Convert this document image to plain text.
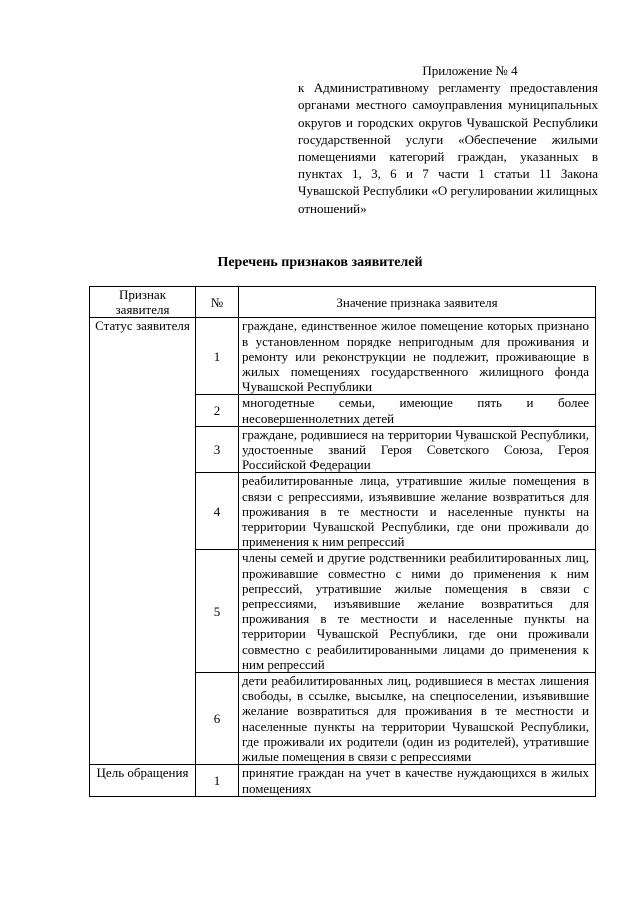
Приложение № 4
к Административному регламенту предоставления органами местного самоуправления муниципальных округов и городских округов Чувашской Республики государственной услуги «Обеспечение жилыми помещениями категорий граждан, указанных в пунктах 1, 3, 6 и 7 части 1 статьи 11 Закона Чувашской Республики «О регулировании жилищных отношений»
Перечень признаков заявителей
Признак заявителя	№	Значение признака заявителя
Статус заявителя	1	граждане, единственное жилое помещение которых признано в установленном порядке непригодным для проживания и ремонту или реконструкции не подлежит, проживающие в жилых помещениях государственного жилищного фонда Чувашской Республики
	2	многодетные семьи, имеющие пять и более несовершеннолетних детей
	3	граждане, родившиеся на территории Чувашской Республики, удостоенные званий Героя Советского Союза, Героя Российской Федерации
	4	реабилитированные лица, утратившие жилые помещения в связи с репрессиями, изъявившие желание возвратиться для проживания в те местности и населенные пункты на территории Чувашской Республики, где они проживали до применения к ним репрессий
	5	члены семей и другие родственники реабилитированных лиц, проживавшие совместно с ними до применения к ним репрессий, утратившие жилые помещения в связи с репрессиями, изъявившие желание возвратиться для проживания в те местности и населенные пункты на территории Чувашской Республики, где они проживали совместно с реабилитированными лицами до применения к ним репрессий
	6	дети реабилитированных лиц, родившиеся в местах лишения свободы, в ссылке, высылке, на спецпоселении, изъявившие желание возвратиться для проживания в те местности и населенные пункты на территории Чувашской Республики, где проживали их родители (один из родителей), утратившие жилые помещения в связи с репрессиями
Цель обращения	1	принятие граждан на учет в качестве нуждающихся в жилых помещениях
